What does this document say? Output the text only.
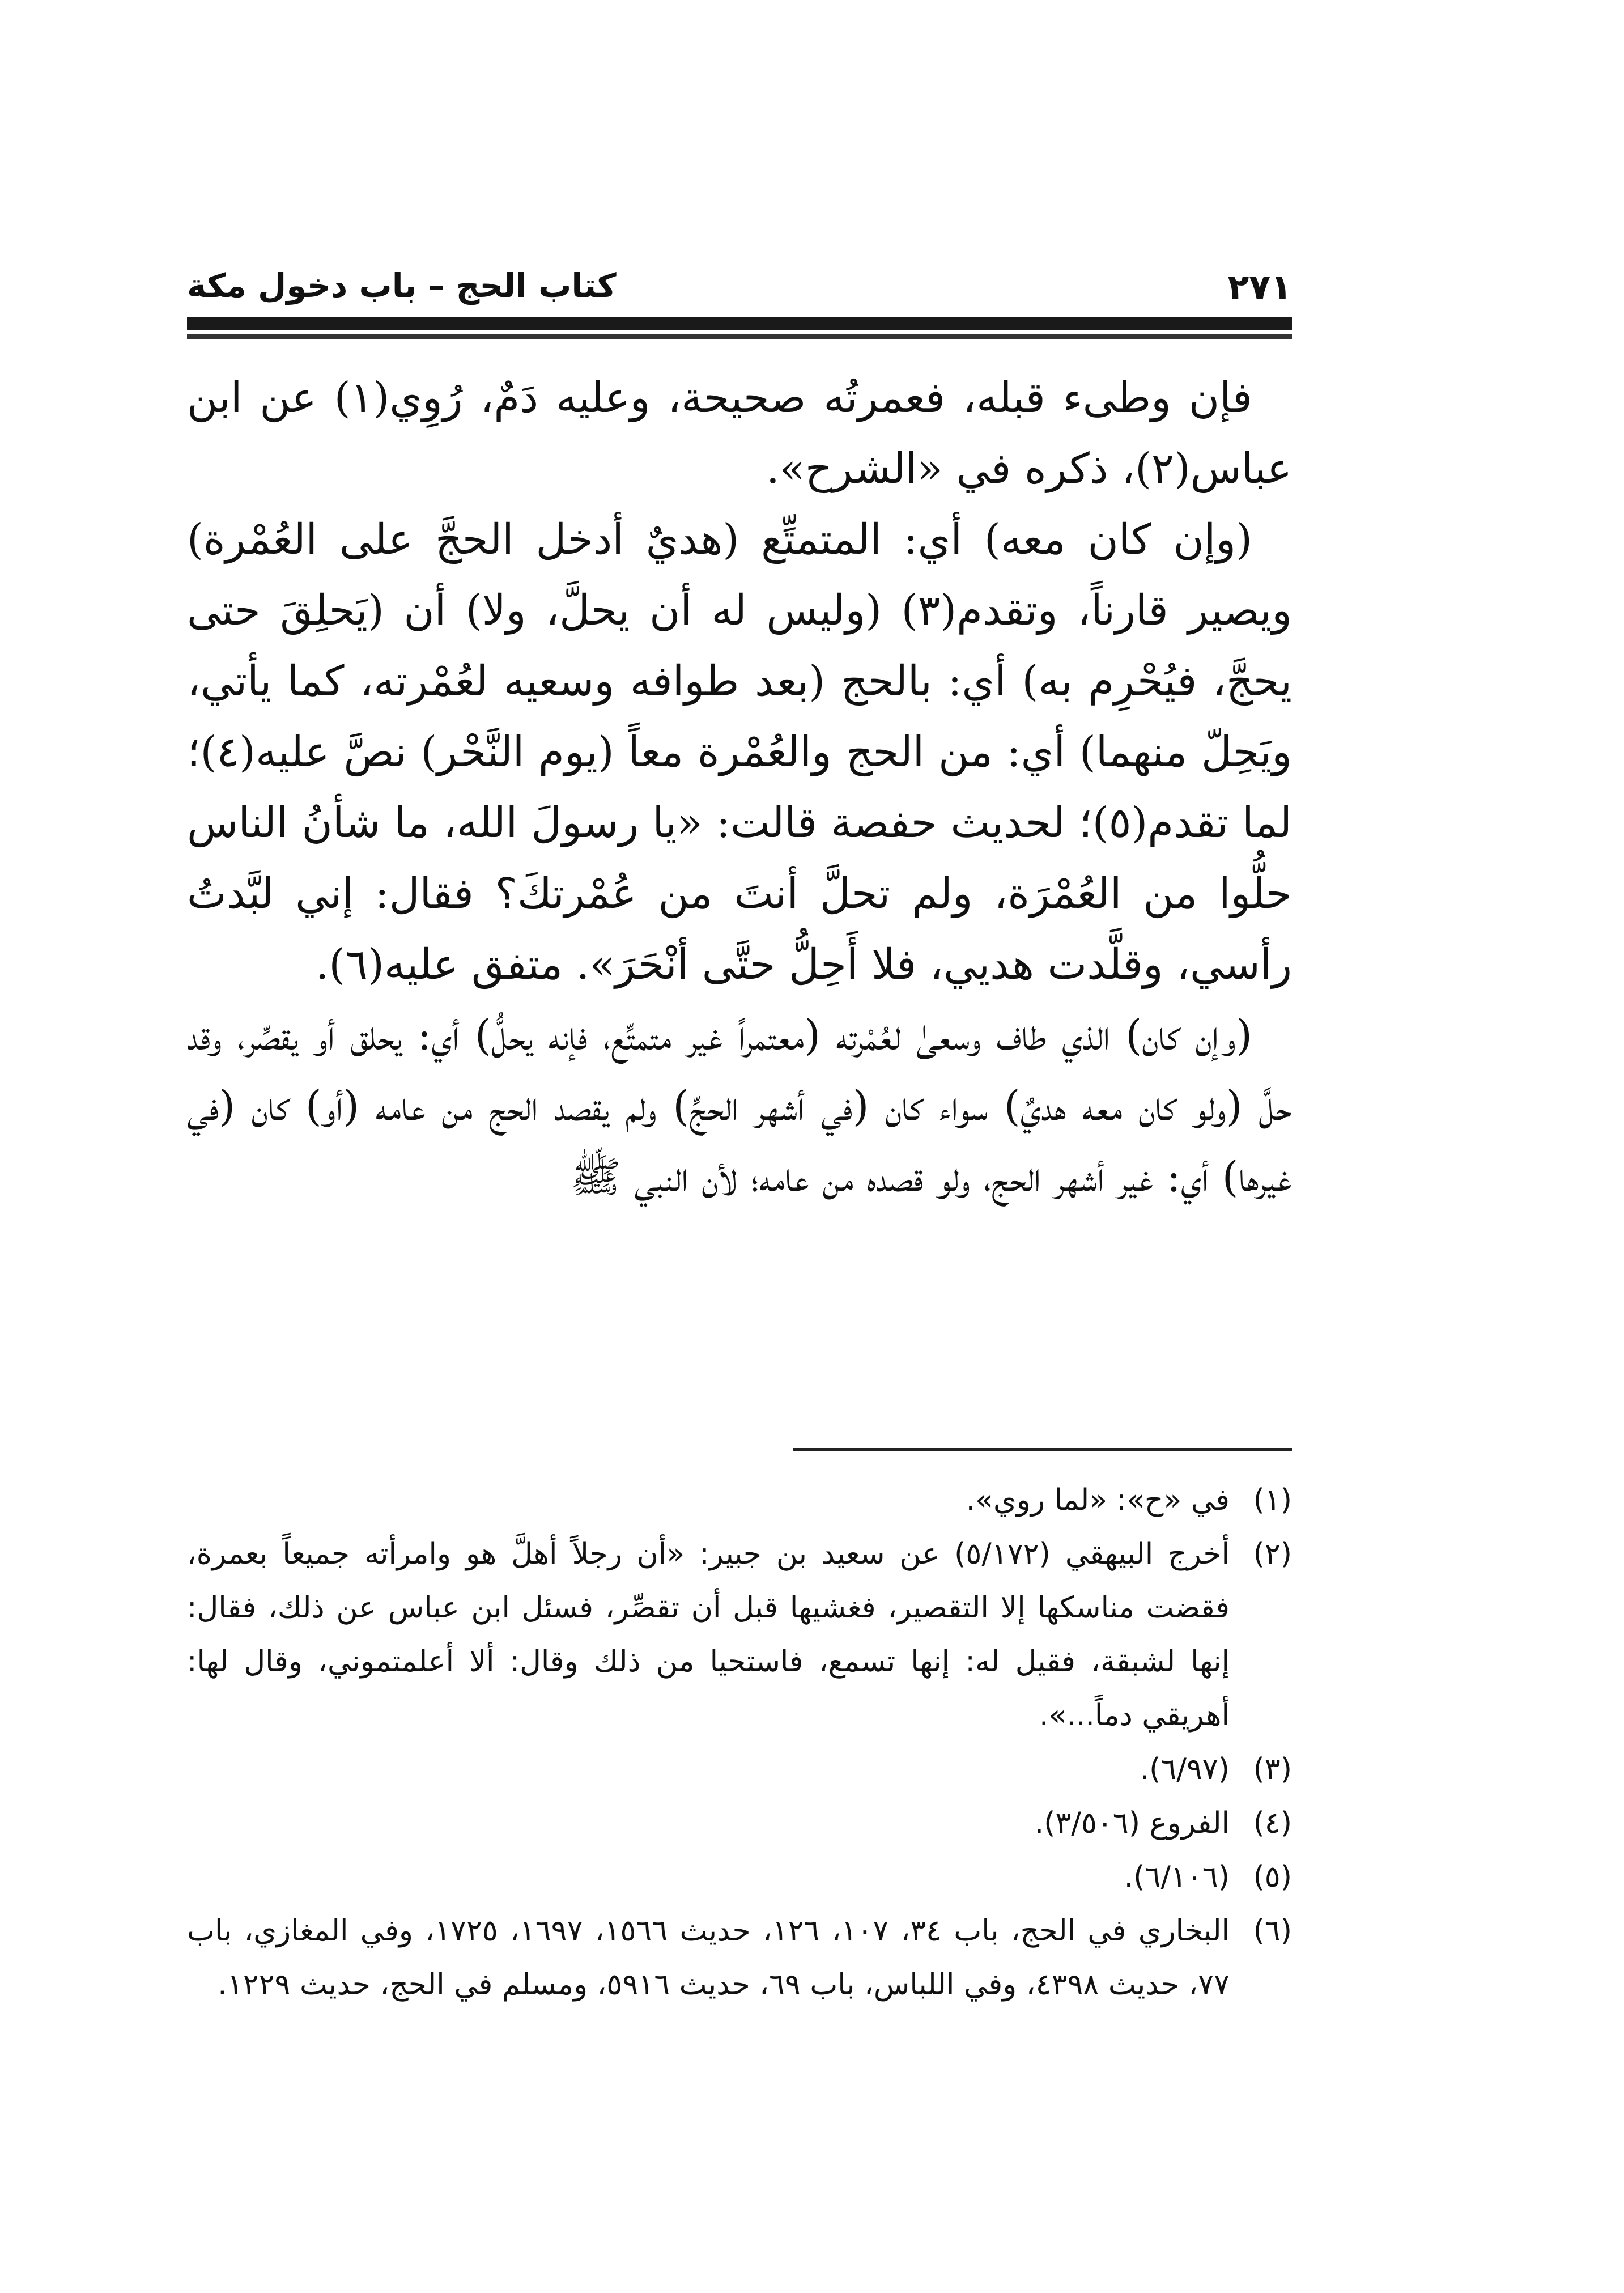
٢٧١
كتاب الحج – باب دخول مكة

فإن وطىء قبله، فعمرتُه صحيحة، وعليه دَمٌ، رُوِي(١) عن ابن عباس(٢)، ذكره في «الشرح».

(وإن كان معه) أي: المتمتِّع (هديٌ أدخل الحجَّ على العُمْرة) ويصير قارناً، وتقدم(٣) (وليس له أن يحلَّ، ولا) أن (يَحلِقَ حتى يحجَّ، فيُحْرِم به) أي: بالحج (بعد طوافه وسعيه لعُمْرته، كما يأتي، ويَحِلّ منهما) أي: من الحج والعُمْرة معاً (يوم النَّحْر) نصَّ عليه(٤)؛ لما تقدم(٥)؛ لحديث حفصة قالت: «يا رسولَ الله، ما شأنُ الناس حلُّوا من العُمْرَة، ولم تحلَّ أنتَ من عُمْرتكَ؟ فقال: إني لبَّدتُ رأسي، وقلَّدت هديي، فلا أَحِلُّ حتَّى أنْحَرَ». متفق عليه(٦).

(وإن كان) الذي طاف وسعىٰ لعُمْرته (معتمراً غير متمتِّع، فإنه يحلُّ) أي: يحلق أو يقصِّر، وقد حلَّ (ولو كان معه هديٌ) سواء كان (في أشهر الحجِّ) ولم يقصد الحج من عامه (أو) كان (في غيرها) أي: غير أشهر الحج، ولو قصده من عامه؛ لأن النبي ﷺ

(١)
في «ح»: «لما روي».

(٢)
أخرج البيهقي (٥/١٧٢) عن سعيد بن جبير: «أن رجلاً أهلَّ هو وامرأته جميعاً بعمرة، فقضت مناسكها إلا التقصير، فغشيها قبل أن تقصِّر، فسئل ابن عباس عن ذلك، فقال: إنها لشبقة، فقيل له: إنها تسمع، فاستحيا من ذلك وقال: ألا أعلمتموني، وقال لها: أهريقي دماً...».

(٣)
(٦/٩٧).

(٤)
الفروع (٣/٥٠٦).

(٥)
(٦/١٠٦).

(٦)
البخاري في الحج، باب ٣٤، ١٠٧، ١٢٦، حديث ١٥٦٦، ١٦٩٧، ١٧٢٥، وفي المغازي، باب ٧٧، حديث ٤٣٩٨، وفي اللباس، باب ٦٩، حديث ٥٩١٦، ومسلم في الحج، حديث ١٢٢٩.
